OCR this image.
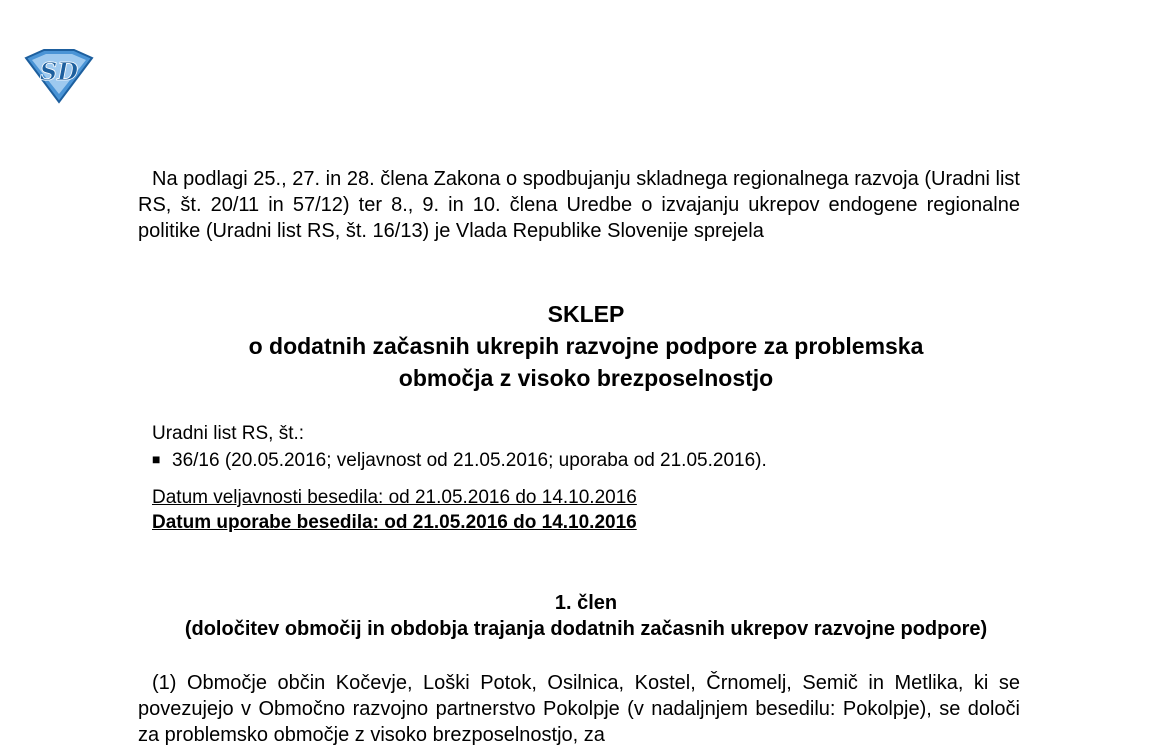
SD
Na podlagi 25., 27. in 28. člena Zakona o spodbujanju skladnega regionalnega razvoja (Uradni list RS, št. 20/11 in 57/12) ter 8., 9. in 10. člena Uredbe o izvajanju ukrepov endogene regionalne politike (Uradni list RS, št. 16/13) je Vlada Republike Slovenije sprejela
SKLEP
o dodatnih začasnih ukrepih razvojne podpore za problemska
območja z visoko brezposelnostjo
Uradni list RS, št.:
■ 36/16 (20.05.2016; veljavnost od 21.05.2016; uporaba od 21.05.2016).
Datum veljavnosti besedila: od 21.05.2016 do 14.10.2016
Datum uporabe besedila: od 21.05.2016 do 14.10.2016
1. člen
(določitev območij in obdobja trajanja dodatnih začasnih ukrepov razvojne podpore)
(1) Območje občin Kočevje, Loški Potok, Osilnica, Kostel, Črnomelj, Semič in Metlika, ki se povezujejo v Območno razvojno partnerstvo Pokolpje (v nadaljnjem besedilu: Pokolpje), se določi za problemsko območje z visoko brezposelnostjo, za
